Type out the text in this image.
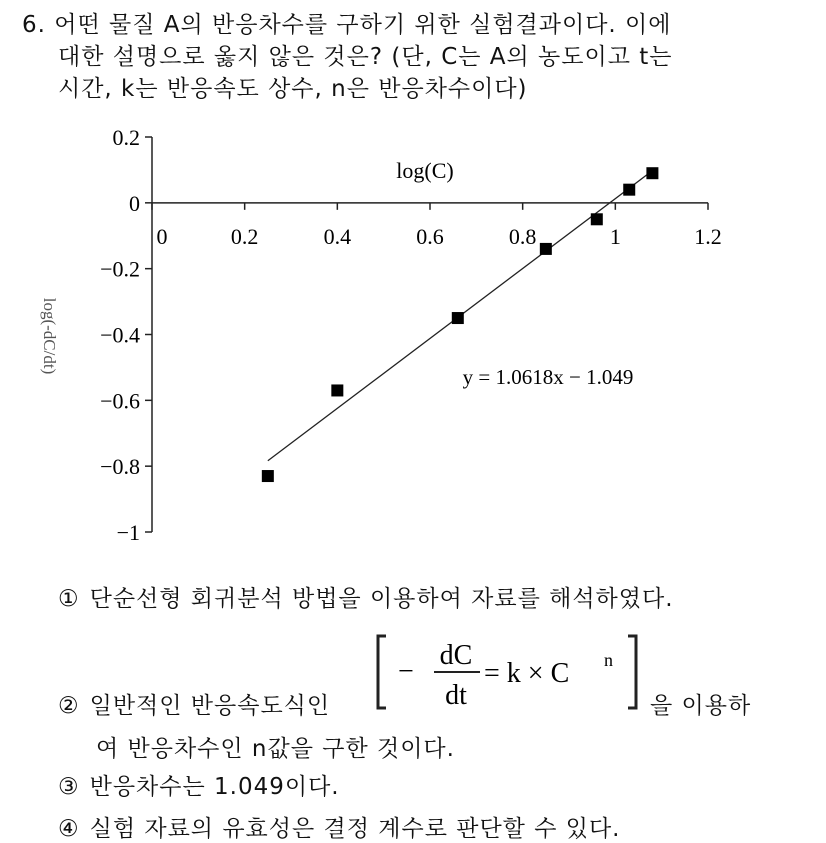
6. 어떤 물질 A의 반응차수를 구하기 위한 실험결과이다. 이에
대한 설명으로 옳지 않은 것은? (단, C는 A의 농도이고 t는
시간, k는 반응속도 상수, n은 반응차수이다)
0.2
0
−0.2
−0.4
−0.6
−0.8
−1
0	0.2	0.4	0.6	0.8	1	1.2
log(C)
log(-dC/dt)
y = 1.0618x − 1.049
① 단순선형 회귀분석 방법을 이용하여 자료를 해석하였다.
② 일반적인 반응속도식인	을 이용하
여 반응차수인 n값을 구한 것이다.
−
dC
dt
= k × C n
③ 반응차수는 1.049이다.
④ 실험 자료의 유효성은 결정 계수로 판단할 수 있다.
